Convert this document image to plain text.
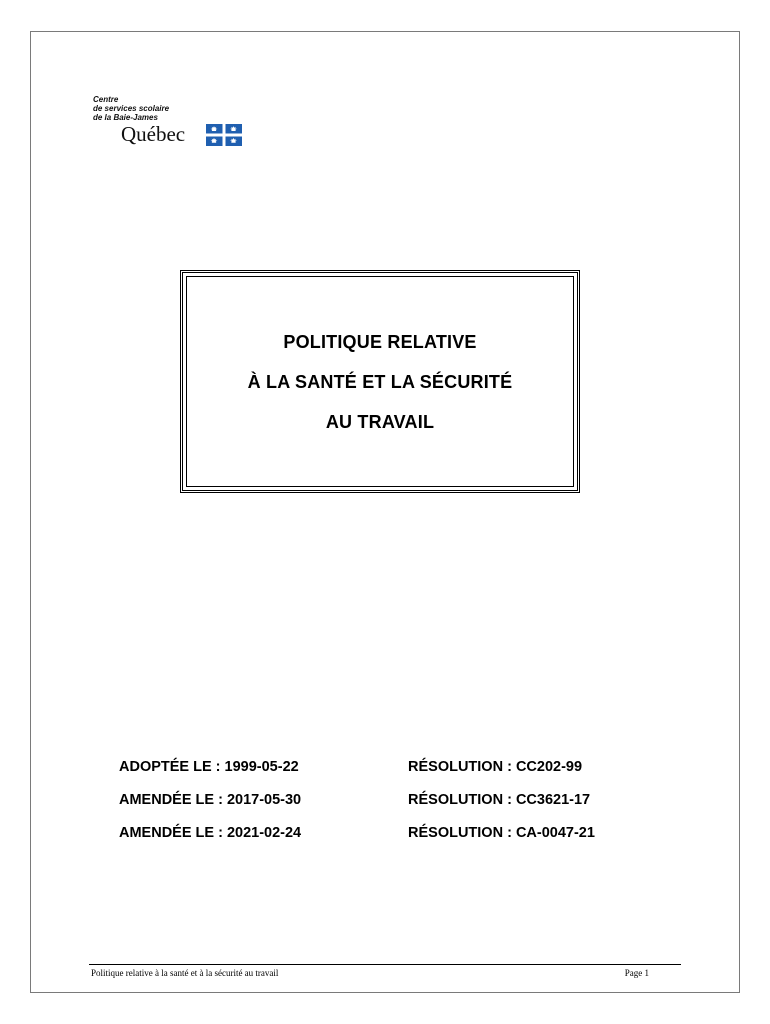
Centre
de services scolaire
de la Baie-James
Québec
POLITIQUE RELATIVE
À LA SANTÉ ET LA SÉCURITÉ
AU TRAVAIL
ADOPTÉE LE : 1999-05-22	RÉSOLUTION : CC202-99
AMENDÉE LE : 2017-05-30	RÉSOLUTION : CC3621-17
AMENDÉE LE : 2021-02-24	RÉSOLUTION : CA-0047-21
Politique relative à la santé et à la sécurité au travail	Page 1
